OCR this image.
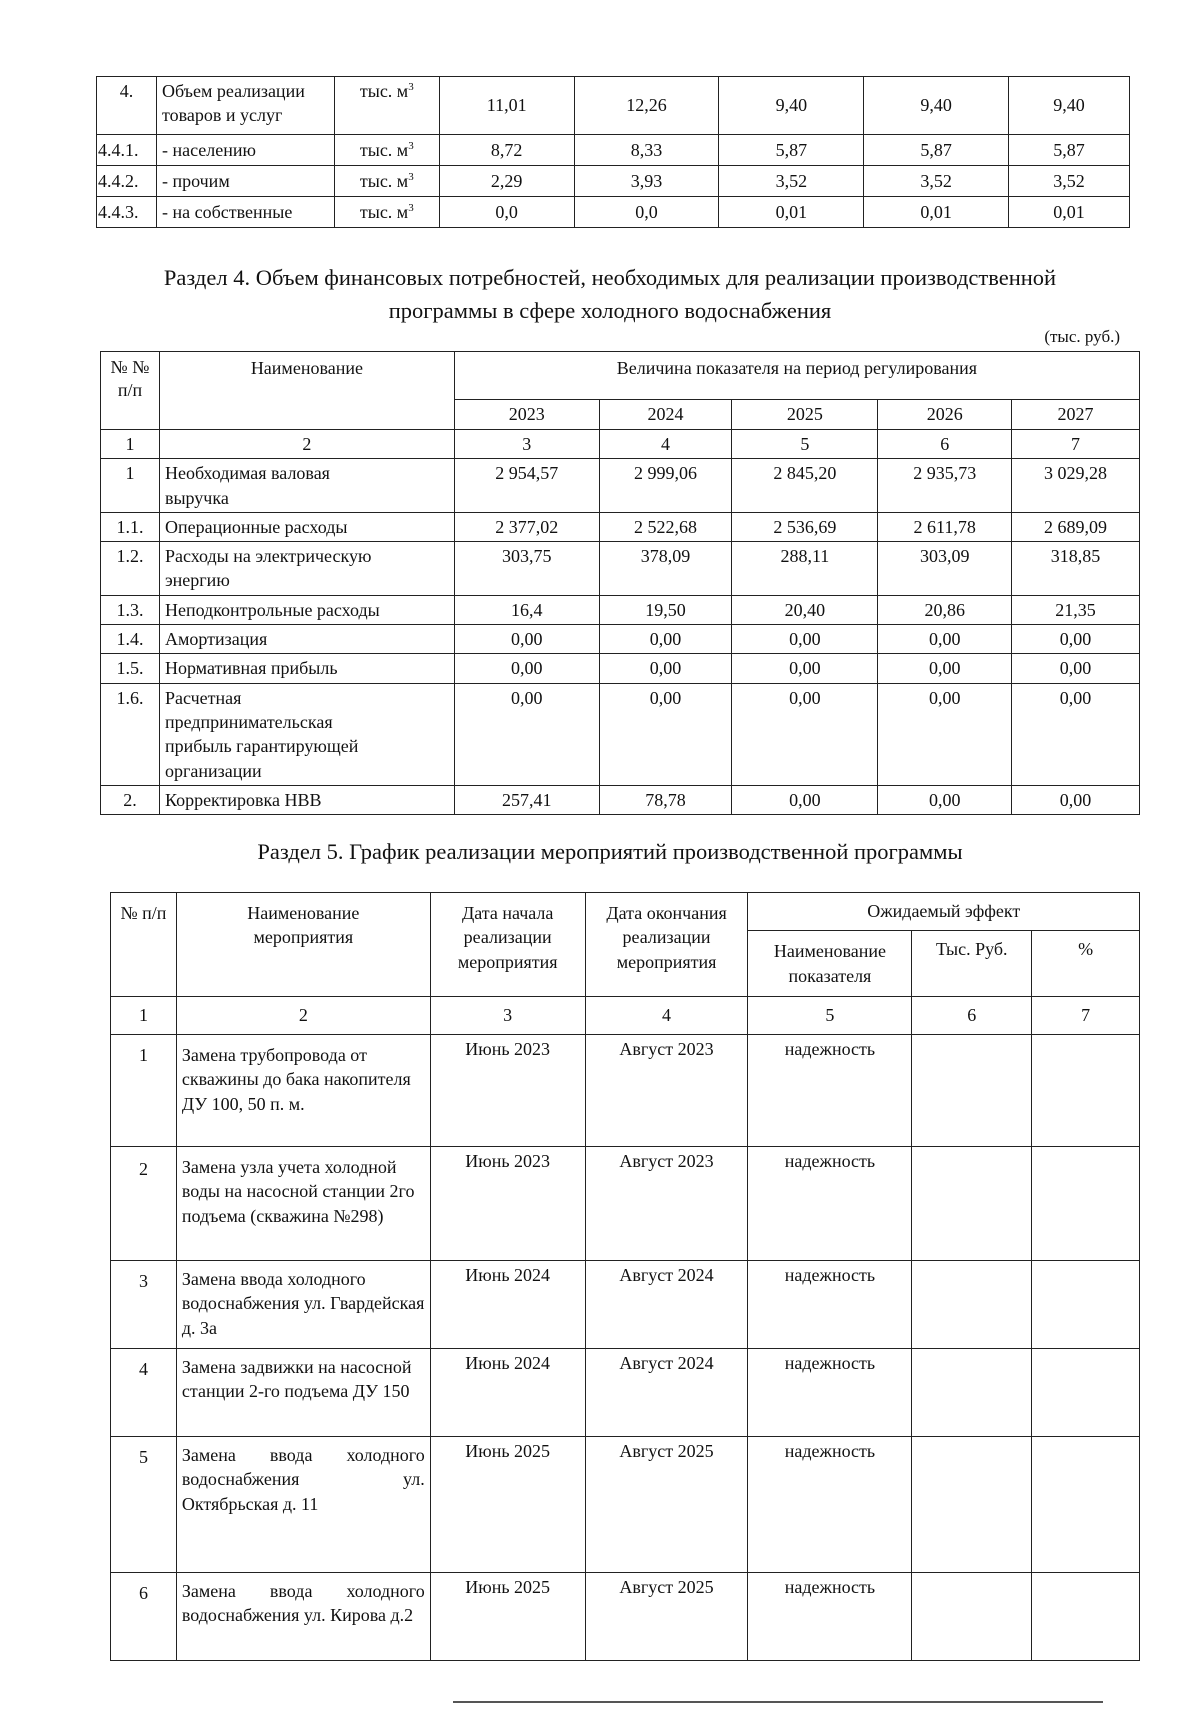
4.	Объем реализации товаров и услуг	тыс. $м^3$	11,01	12,26	9,40	9,40	9,40
4.4.1.	- населению	тыс. $м^3$	8,72	8,33	5,87	5,87	5,87
4.4.2.	- прочим	тыс. $м^3$	2,29	3,93	3,52	3,52	3,52
4.4.3.	- на собственные	тыс. $м^3$	0,0	0,0	0,01	0,01	0,01
Раздел 4. Объем финансовых потребностей, необходимых для реализации производственной
программы в сфере холодного водоснабжения
(тыс. руб.)
№ № п/п	Наименование	Величина показателя на период регулирования				
		2023	2024	2025	2026	2027
1	2	3	4	5	6	7
1	Необходимая валовая выручка	2 954,57	2 999,06	2 845,20	2 935,73	3 029,28
1.1.	Операционные расходы	2 377,02	2 522,68	2 536,69	2 611,78	2 689,09
1.2.	Расходы на электрическую энергию	303,75	378,09	288,11	303,09	318,85
1.3.	Неподконтрольные расходы	16,4	19,50	20,40	20,86	21,35
1.4.	Амортизация	0,00	0,00	0,00	0,00	0,00
1.5.	Нормативная прибыль	0,00	0,00	0,00	0,00	0,00
1.6.	Расчетная предпринимательская прибыль гарантирующей организации	0,00	0,00	0,00	0,00	0,00
2.	Корректировка НВВ	257,41	78,78	0,00	0,00	0,00
Раздел 5. График реализации мероприятий производственной программы
№ п/п	Наименование мероприятия	Дата начала реализации мероприятия	Дата окончания реализации мероприятия	Ожидаемый эффект		
				Наименование показателя	Тыс. Руб.	%
1	2	3	4	5	6	7
1	Замена трубопровода от скважины до бака накопителя ДУ 100, 50 п. м.	Июнь 2023	Август 2023	надежность		
2	Замена узла учета холодной воды на насосной станции 2го подъема (скважина №298)	Июнь 2023	Август 2023	надежность		
3	Замена ввода холодного водоснабжения ул. Гвардейская д. 3а	Июнь 2024	Август 2024	надежность		
4	Замена задвижки на насосной станции 2-го подъема ДУ 150	Июнь 2024	Август 2024	надежность		
5	Замена ввода холодного водоснабжения ул. Октябрьская д. 11	Июнь 2025	Август 2025	надежность		
6	Замена ввода холодного водоснабжения ул. Кирова д.2	Июнь 2025	Август 2025	надежность		
